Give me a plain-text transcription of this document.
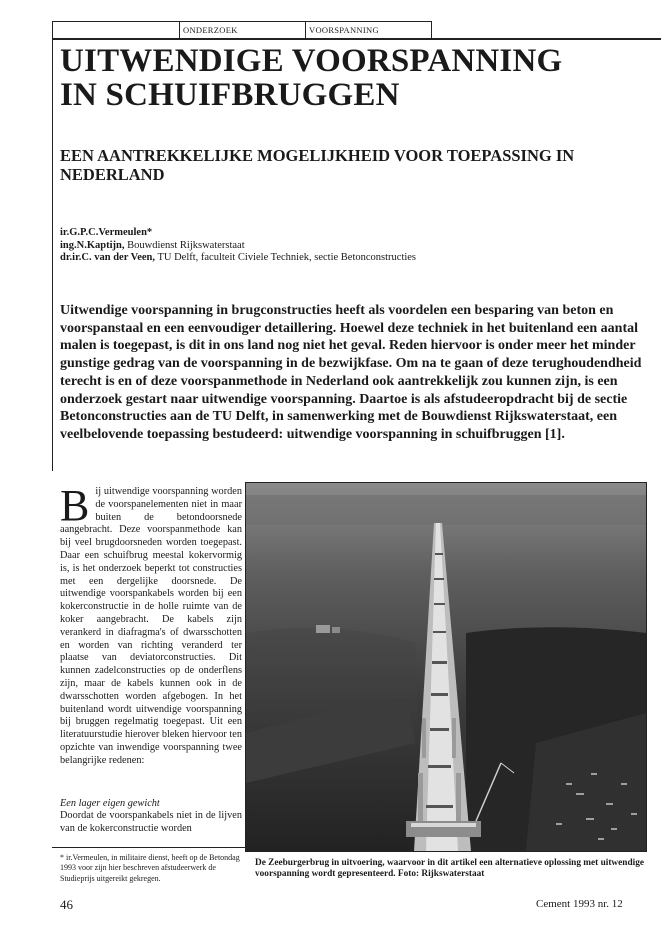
ONDERZOEK	VOORSPANNING
UITWENDIGE VOORSPANNING
IN SCHUIFBRUGGEN
EEN AANTREKKELIJKE MOGELIJKHEID VOOR TOEPASSING IN NEDERLAND
ir.G.P.C.Vermeulen*
ing.N.Kaptijn, Bouwdienst Rijkswaterstaat
dr.ir.C. van der Veen, TU Delft, faculteit Civiele Techniek, sectie Betonconstructies
Uitwendige voorspanning in brugconstructies heeft als voordelen een besparing van beton en voorspanstaal en een eenvoudiger detaillering. Hoewel deze techniek in het buitenland een aantal malen is toegepast, is dit in ons land nog niet het geval. Reden hiervoor is onder meer het minder gunstige gedrag van de voorspanning in de bezwijkfase. Om na te gaan of deze terughoudendheid terecht is en of deze voorspanmethode in Nederland ook aantrekkelijk zou kunnen zijn, is een onderzoek gestart naar uitwendige voorspanning. Daartoe is als afstudeeropdracht bij de sectie Betonconstructies aan de TU Delft, in samenwerking met de Bouwdienst Rijkswaterstaat, een veelbelovende toepassing bestudeerd: uitwendige voorspanning in schuifbruggen [1].
Bij uitwendige voorspanning worden de voorspanelementen niet in maar buiten de betondoorsnede aangebracht. Deze voorspanmethode kan bij veel brugdoorsneden worden toegepast. Daar een schuifbrug meestal kokervormig is, is het onderzoek beperkt tot constructies met een dergelijke doorsnede. De uitwendige voorspankabels worden bij een kokerconstructie in de holle ruimte van de koker aangebracht. De kabels zijn verankerd in diafragma's of dwarsschotten en worden van richting veranderd ter plaatse van deviatorconstructies. Dit kunnen zadelconstructies op de onderflens zijn, maar de kabels kunnen ook in de dwarsschotten worden afgebogen. In het buitenland wordt uitwendige voorspanning bij bruggen regelmatig toegepast. Uit een literatuurstudie hierover bleken hiervoor ten opzichte van inwendige voorspanning twee belangrijke redenen:
Een lager eigen gewicht
Doordat de voorspankabels niet in de lijven van de kokerconstructie worden
* ir.Vermeulen, in militaire dienst, heeft op de Betondag 1993 voor zijn hier beschreven afstudeerwerk de Studieprijs uitgereikt gekregen.
De Zeeburgerbrug in uitvoering, waarvoor in dit artikel een alternatieve oplossing met uitwendige voorspanning wordt gepresenteerd. Foto: Rijkswaterstaat
46	Cement 1993 nr. 12
